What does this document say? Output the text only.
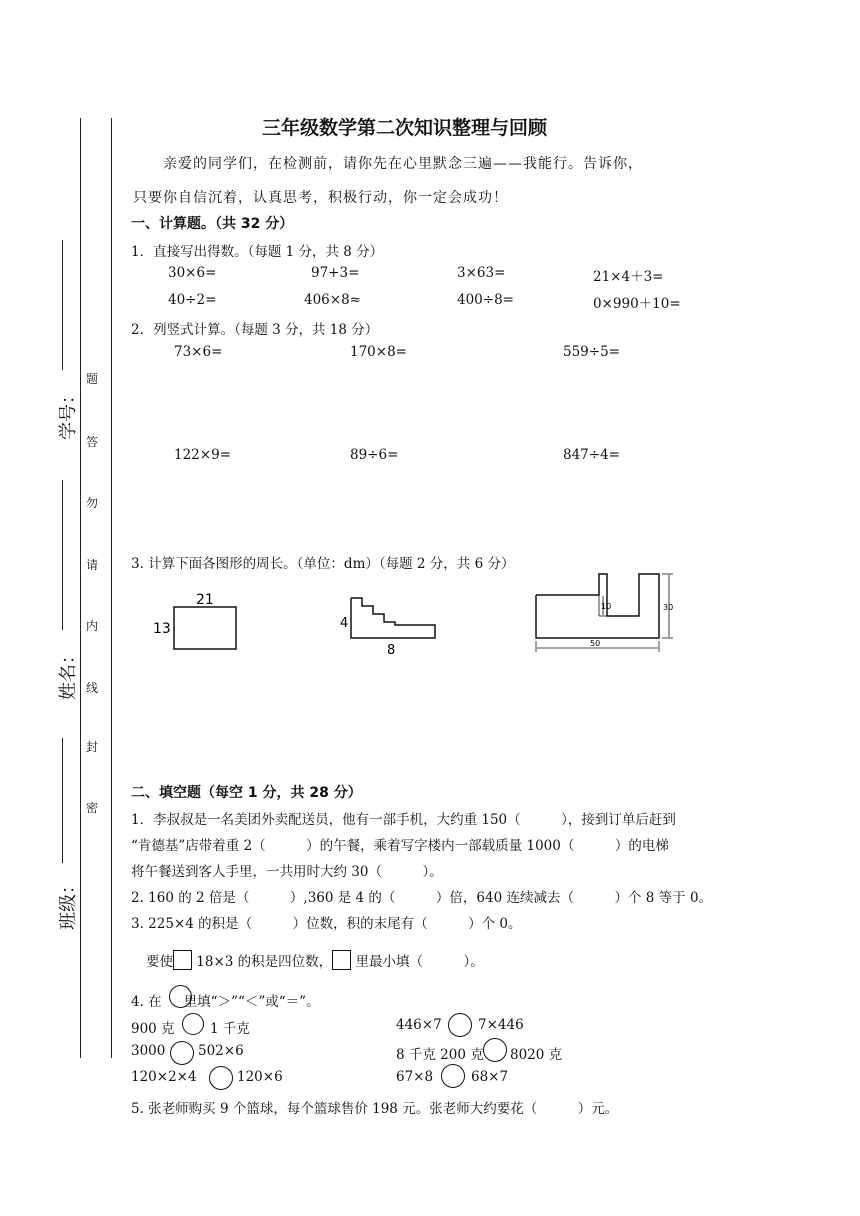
学号：
姓名：
班级：
题
答
勿
请
内
线
封
密
三年级数学第二次知识整理与回顾
亲爱的同学们，在检测前，请你先在心里默念三遍——我能行。告诉你，
只要你自信沉着，认真思考，积极行动，你一定会成功！
一、计算题。（共 32 分）
1．直接写出得数。（每题 1 分，共 8 分）
30×6=	97+3=	3×63=	21×4＋3=
40÷2=	406×8≈	400÷8=	0×990＋10=
2．列竖式计算。（每题 3 分，共 18 分）
73×6=	170×8=	559÷5=
122×9=	89÷6=	847÷4=
3. 计算下面各图形的周长。（单位：dm）（每题 2 分，共 6 分）
21
13	4
8
10	30
50
二、填空题（每空 1 分，共 28 分）
1．李叔叔是一名美团外卖配送员，他有一部手机，大约重 150（　　　），接到订单后赶到
“肯德基”店带着重 2（　　　）的午餐，乘着写字楼内一部载质量 1000（　　　）的电梯
将午餐送到客人手里，一共用时大约 30（　　　）。
2. 160 的 2 倍是（　　　）,360 是 4 的（　　　）倍，640 连续减去（　　　）个 8 等于 0。
3. 225×4 的积是（　　　）位数，积的末尾有（　　　）个 0。
要使 18×3 的积是四位数， 里最小填（　　　）。
4. 在 里填“＞”“＜”或“＝”。
900 克	1 千克	446×7	7×446
3000 502×6	8 千克 200 克 8020 克
120×2×4	120×6	67×8	68×7
5. 张老师购买 9 个篮球，每个篮球售价 198 元。张老师大约要花（　　　）元。
